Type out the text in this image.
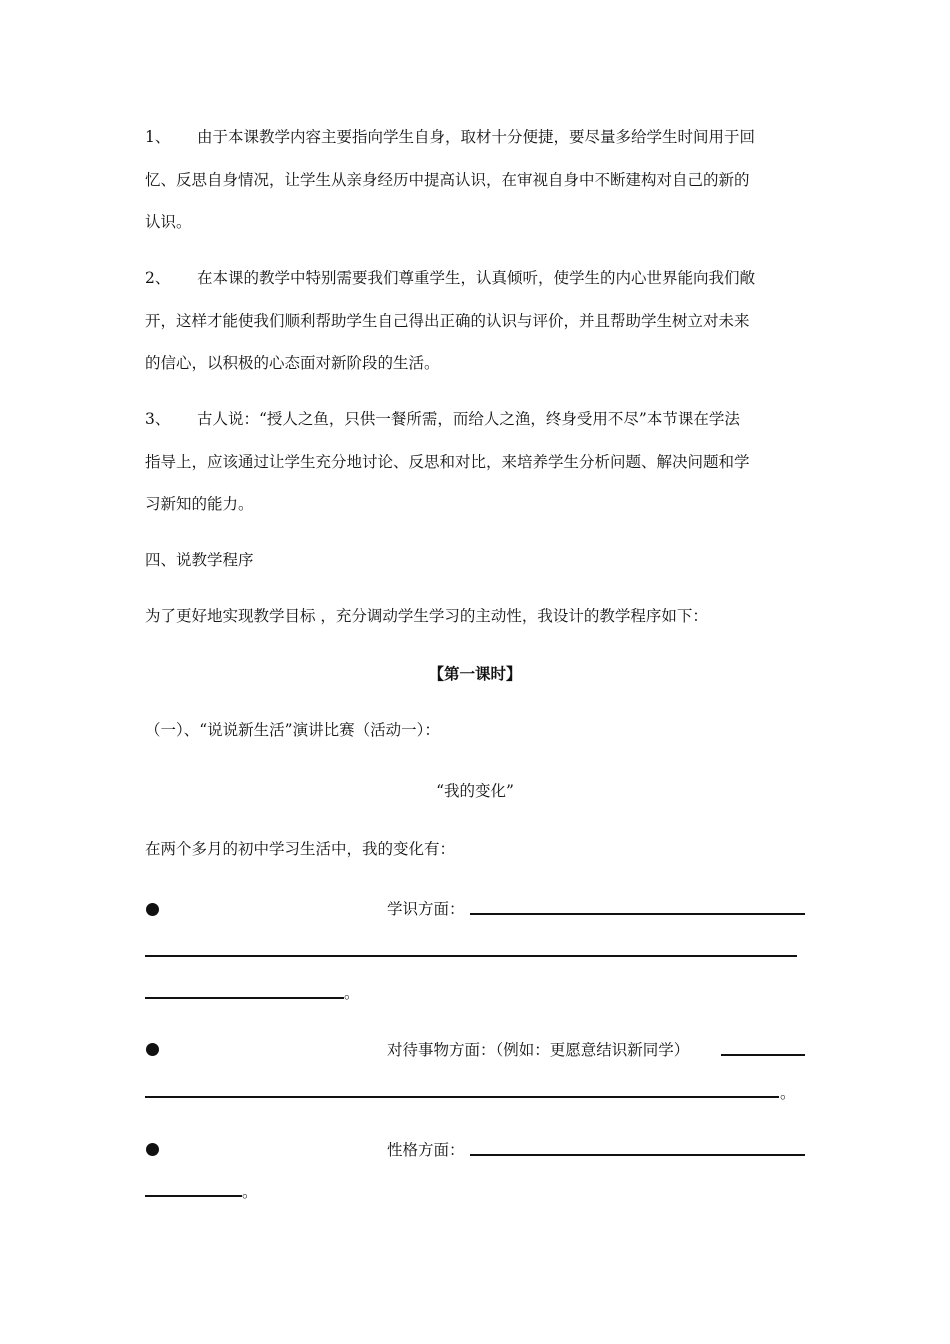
1、 由于本课教学内容主要指向学生自身，取材十分便捷，要尽量多给学生时间用于回
忆、反思自身情况，让学生从亲身经历中提高认识，在审视自身中不断建构对自己的新的
认识。
2、 在本课的教学中特别需要我们尊重学生，认真倾听，使学生的内心世界能向我们敞
开，这样才能使我们顺利帮助学生自己得出正确的认识与评价，并且帮助学生树立对未来
的信心，以积极的心态面对新阶段的生活。
3、 古人说：“授人之鱼，只供一餐所需，而给人之渔，终身受用不尽”本节课在学法
指导上，应该通过让学生充分地讨论、反思和对比，来培养学生分析问题、解决问题和学
习新知的能力。
四、说教学程序
为了更好地实现教学目标 ，充分调动学生学习的主动性，我设计的教学程序如下：
【第一课时】
（一）、“说说新生活”演讲比赛（活动一）：
“我的变化”
在两个多月的初中学习生活中，我的变化有：
学识方面：
。
对待事物方面：（例如：更愿意结识新同学）
。
性格方面：
。
